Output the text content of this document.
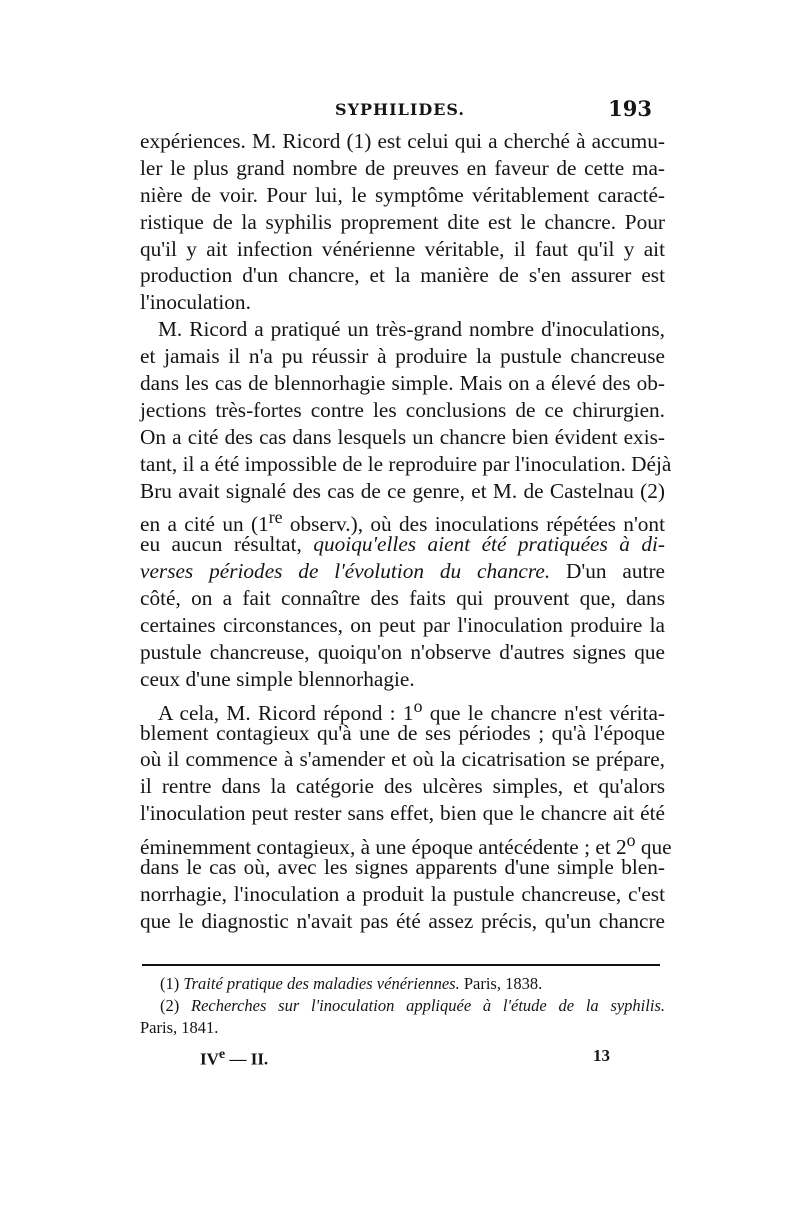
SYPHILIDES.	193
expériences. M. Ricord (1) est celui qui a cherché à accumu-
ler le plus grand nombre de preuves en faveur de cette ma-
nière de voir. Pour lui, le symptôme véritablement caracté-
ristique de la syphilis proprement dite est le chancre. Pour
qu'il y ait infection vénérienne véritable, il faut qu'il y ait
production d'un chancre, et la manière de s'en assurer est
l'inoculation.
M. Ricord a pratiqué un très-grand nombre d'inoculations,
et jamais il n'a pu réussir à produire la pustule chancreuse
dans les cas de blennorhagie simple. Mais on a élevé des ob-
jections très-fortes contre les conclusions de ce chirurgien.
On a cité des cas dans lesquels un chancre bien évident exis-
tant, il a été impossible de le reproduire par l'inoculation. Déjà
Bru avait signalé des cas de ce genre, et M. de Castelnau (2)
en a cité un (1re observ.), où des inoculations répétées n'ont
eu aucun résultat, quoiqu'elles aient été pratiquées à di-
verses périodes de l'évolution du chancre. D'un autre
côté, on a fait connaître des faits qui prouvent que, dans
certaines circonstances, on peut par l'inoculation produire la
pustule chancreuse, quoiqu'on n'observe d'autres signes que
ceux d'une simple blennorhagie.
A cela, M. Ricord répond : 1$^o$ que le chancre n'est vérita-
blement contagieux qu'à une de ses périodes ; qu'à l'époque
où il commence à s'amender et où la cicatrisation se prépare,
il rentre dans la catégorie des ulcères simples, et qu'alors
l'inoculation peut rester sans effet, bien que le chancre ait été
éminemment contagieux, à une époque antécédente ; et 2$^o$ que
dans le cas où, avec les signes apparents d'une simple blen-
norrhagie, l'inoculation a produit la pustule chancreuse, c'est
que le diagnostic n'avait pas été assez précis, qu'un chancre
(1) Traité pratique des maladies vénériennes. Paris, 1838.
(2) Recherches sur l'inoculation appliquée à l'étude de la syphilis.
Paris, 1841.
IVe — II.	13
